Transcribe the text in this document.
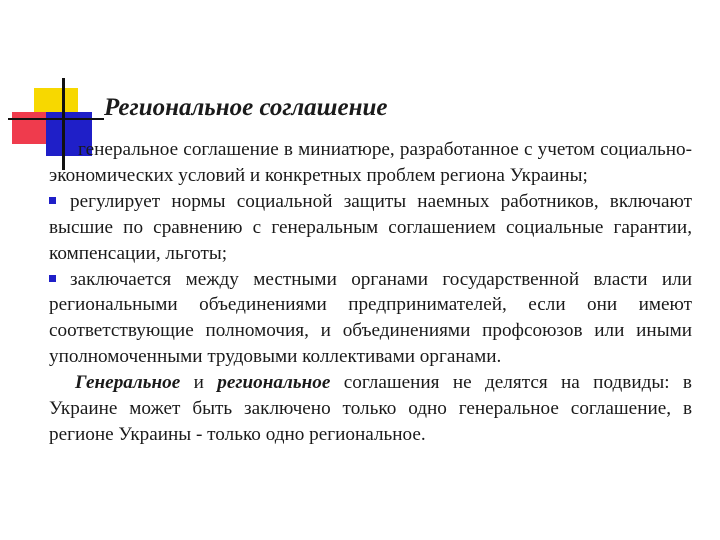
Региональное соглашение

генеральное соглашение в миниатюре, разработанное с учетом социально-экономических условий и конкретных проблем региона Украины;

регулирует нормы социальной защиты наемных работников, включают высшие по сравнению с генеральным соглашением социальные гарантии, компенсации, льготы;

заключается между местными органами государственной власти или региональными объединениями предпринимателей, если они имеют соответствующие полномочия, и объединениями профсоюзов или иными уполномоченными трудовыми коллективами органами.

Генеральное и региональное соглашения не делятся на подвиды: в Украине может быть заключено только одно генеральное соглашение, в регионе Украины - только одно региональное.
